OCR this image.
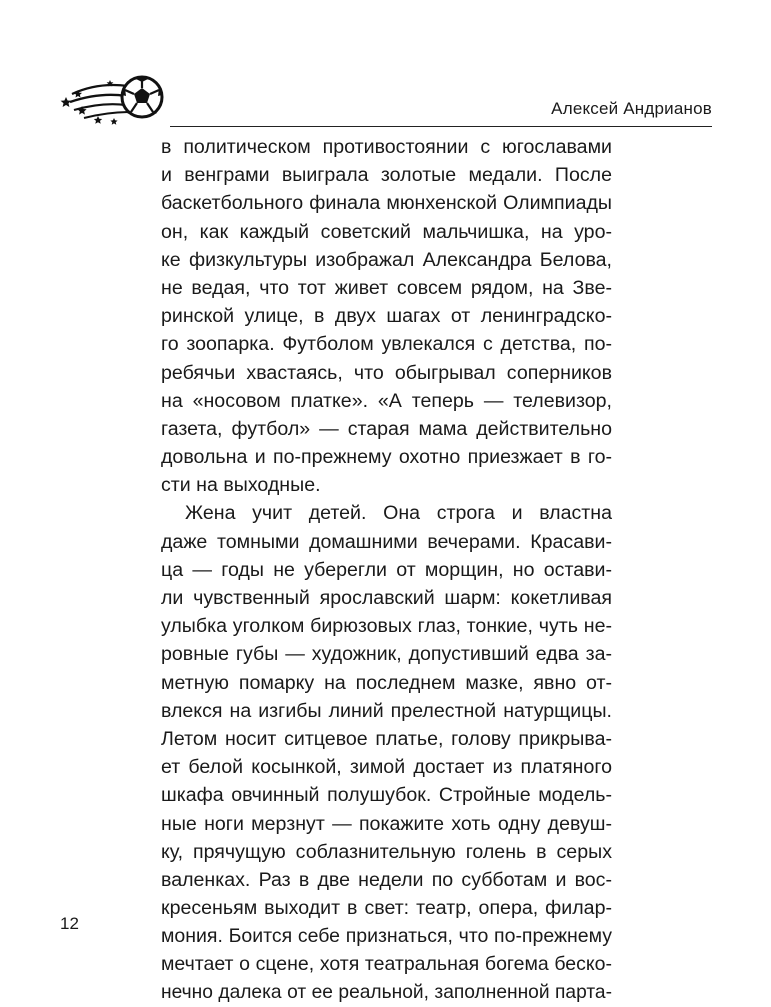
Алексей Андрианов
в политическом противостоянии с югославами
и венграми выиграла золотые медали. После
баскетбольного финала мюнхенской Олимпиады
он, как каждый советский мальчишка, на уро-
ке физкультуры изображал Александра Белова,
не ведая, что тот живет совсем рядом, на Зве-
ринской улице, в двух шагах от ленинградско-
го зоопарка. Футболом увлекался с детства, по-
ребячьи хвастаясь, что обыгрывал соперников
на «носовом платке». «А теперь — телевизор,
газета, футбол» — старая мама действительно
довольна и по-прежнему охотно приезжает в го-
сти на выходные.
Жена учит детей. Она строга и властна
даже томными домашними вечерами. Красави-
ца — годы не уберегли от морщин, но остави-
ли чувственный ярославский шарм: кокетливая
улыбка уголком бирюзовых глаз, тонкие, чуть не-
ровные губы — художник, допустивший едва за-
метную помарку на последнем мазке, явно от-
влекся на изгибы линий прелестной натурщицы.
Летом носит ситцевое платье, голову прикрыва-
ет белой косынкой, зимой достает из платяного
шкафа овчинный полушубок. Стройные модель-
ные ноги мерзнут — покажите хоть одну девуш-
ку, прячущую соблазнительную голень в серых
валенках. Раз в две недели по субботам и вос-
кресеньям выходит в свет: театр, опера, филар-
мония. Боится себе признаться, что по-прежнему
мечтает о сцене, хотя театральная богема беско-
нечно далека от ее реальной, заполненной парта-
12
